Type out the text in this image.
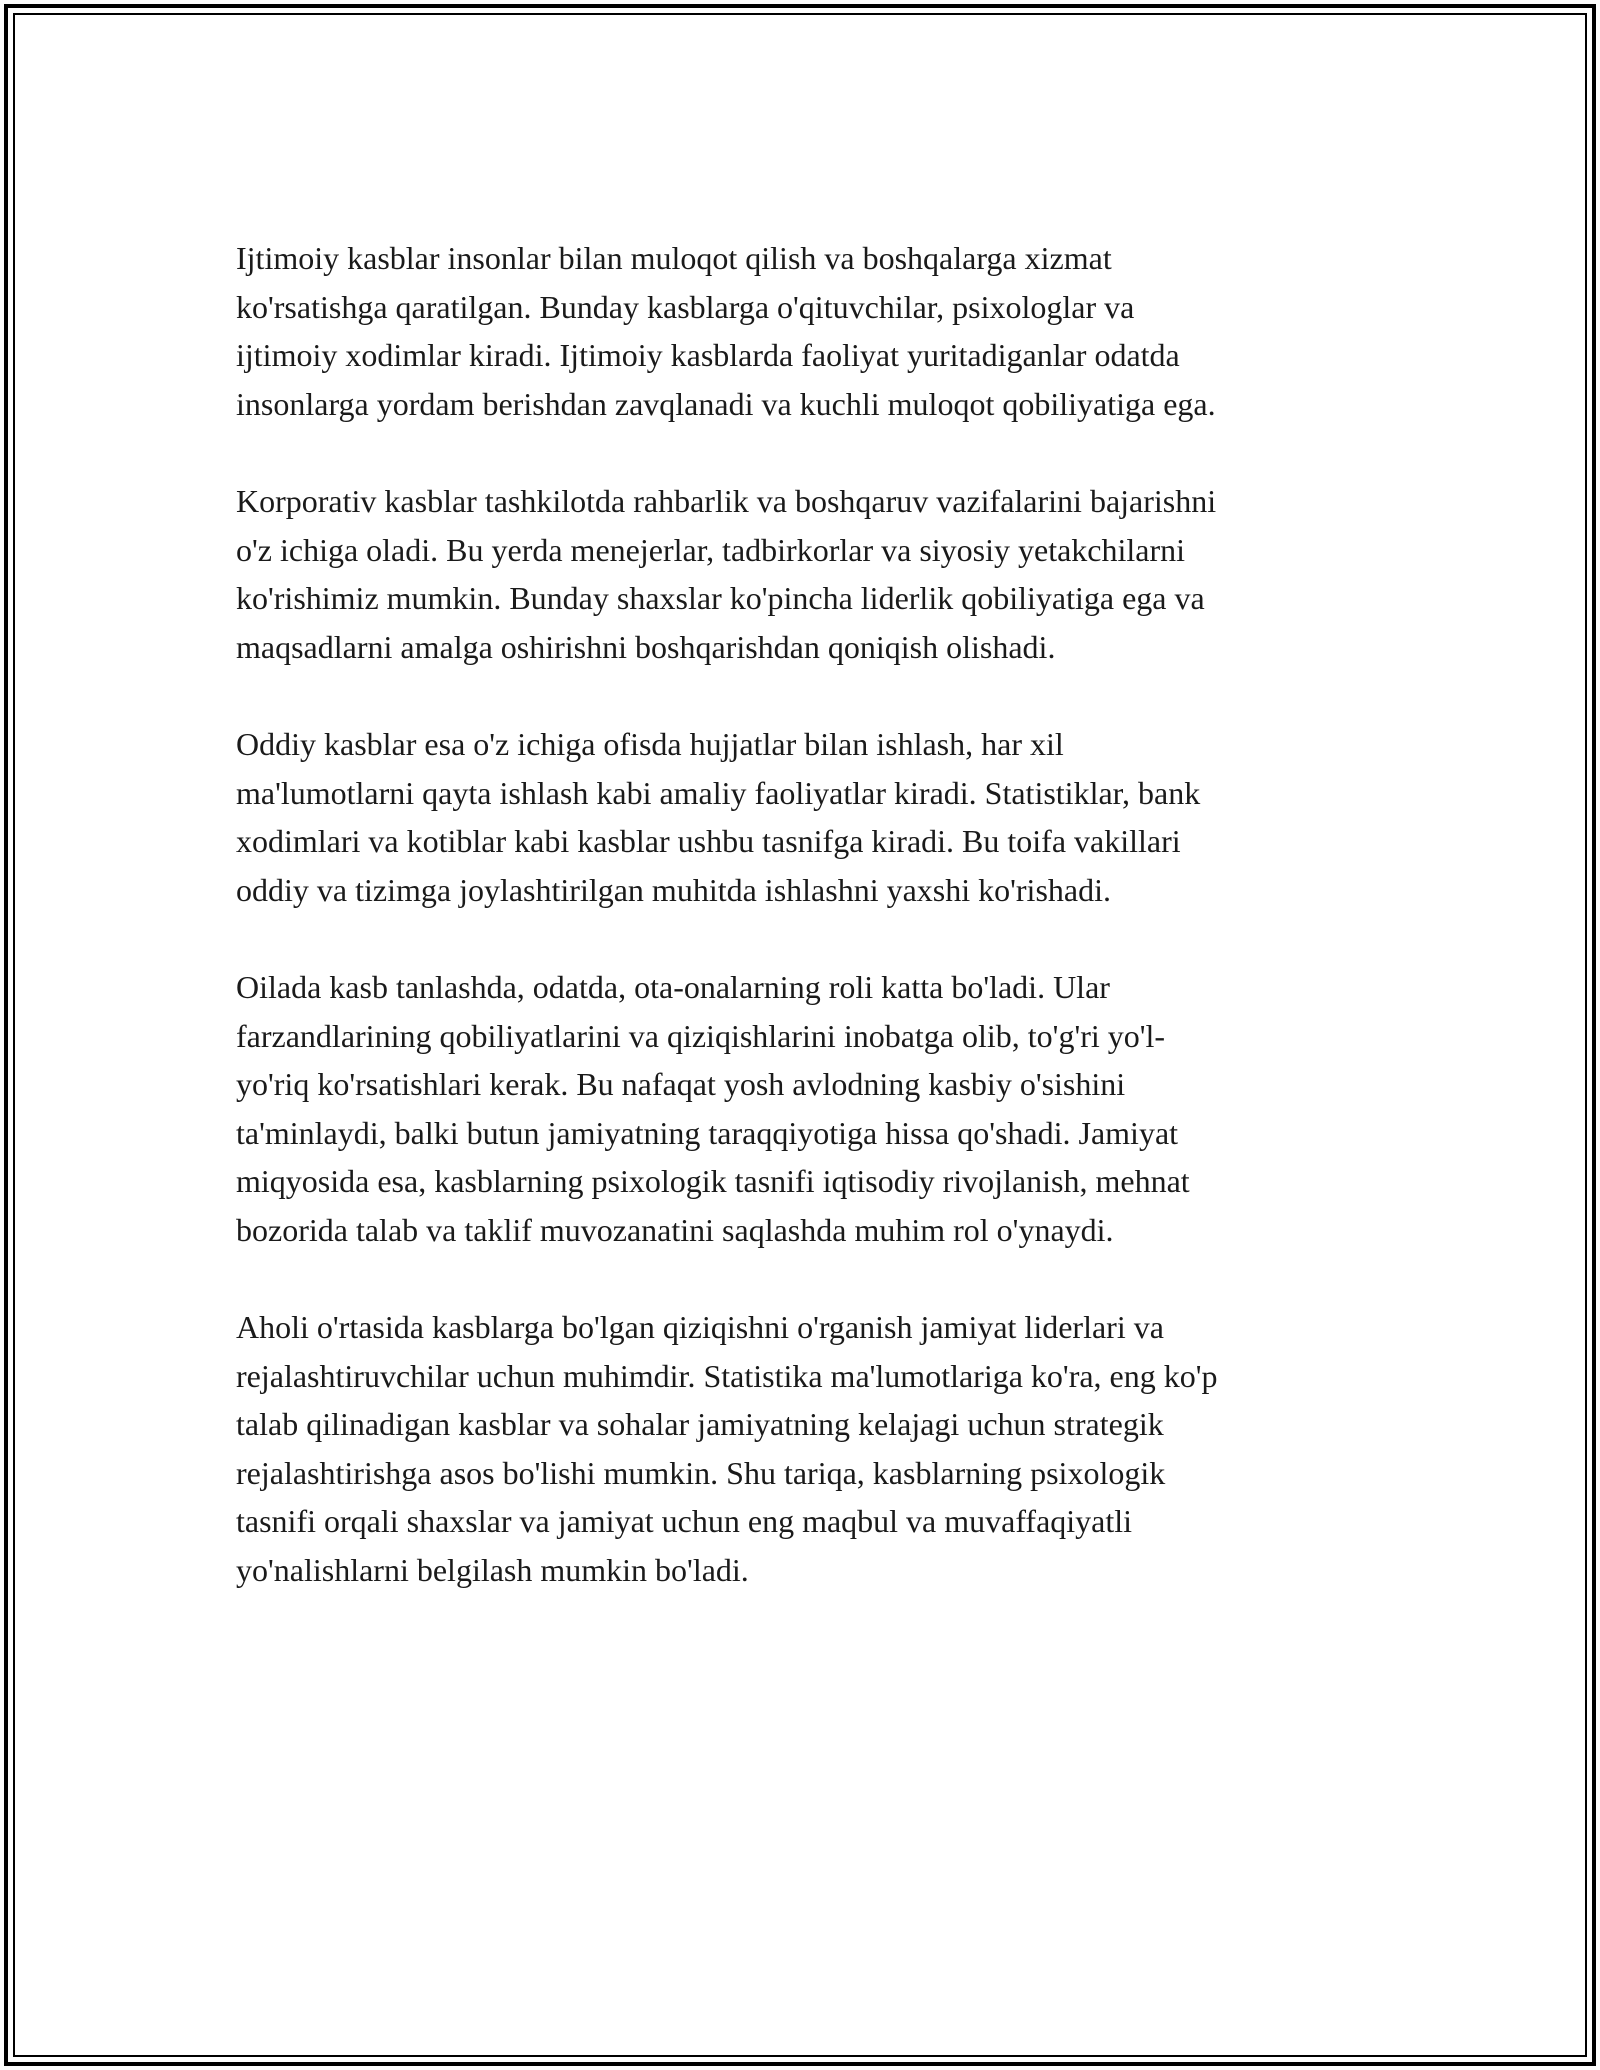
Ijtimoiy kasblar insonlar bilan muloqot qilish va boshqalarga xizmat
ko'rsatishga qaratilgan. Bunday kasblarga o'qituvchilar, psixologlar va
ijtimoiy xodimlar kiradi. Ijtimoiy kasblarda faoliyat yuritadiganlar odatda
insonlarga yordam berishdan zavqlanadi va kuchli muloqot qobiliyatiga ega.

Korporativ kasblar tashkilotda rahbarlik va boshqaruv vazifalarini bajarishni
o'z ichiga oladi. Bu yerda menejerlar, tadbirkorlar va siyosiy yetakchilarni
ko'rishimiz mumkin. Bunday shaxslar ko'pincha liderlik qobiliyatiga ega va
maqsadlarni amalga oshirishni boshqarishdan qoniqish olishadi.

Oddiy kasblar esa o'z ichiga ofisda hujjatlar bilan ishlash, har xil
ma'lumotlarni qayta ishlash kabi amaliy faoliyatlar kiradi. Statistiklar, bank
xodimlari va kotiblar kabi kasblar ushbu tasnifga kiradi. Bu toifa vakillari
oddiy va tizimga joylashtirilgan muhitda ishlashni yaxshi ko'rishadi.

Oilada kasb tanlashda, odatda, ota-onalarning roli katta bo'ladi. Ular
farzandlarining qobiliyatlarini va qiziqishlarini inobatga olib, to'g'ri yo'l-
yo'riq ko'rsatishlari kerak. Bu nafaqat yosh avlodning kasbiy o'sishini
ta'minlaydi, balki butun jamiyatning taraqqiyotiga hissa qo'shadi. Jamiyat
miqyosida esa, kasblarning psixologik tasnifi iqtisodiy rivojlanish, mehnat
bozorida talab va taklif muvozanatini saqlashda muhim rol o'ynaydi.

Aholi o'rtasida kasblarga bo'lgan qiziqishni o'rganish jamiyat liderlari va
rejalashtiruvchilar uchun muhimdir. Statistika ma'lumotlariga ko'ra, eng ko'p
talab qilinadigan kasblar va sohalar jamiyatning kelajagi uchun strategik
rejalashtirishga asos bo'lishi mumkin. Shu tariqa, kasblarning psixologik
tasnifi orqali shaxslar va jamiyat uchun eng maqbul va muvaffaqiyatli
yo'nalishlarni belgilash mumkin bo'ladi.
